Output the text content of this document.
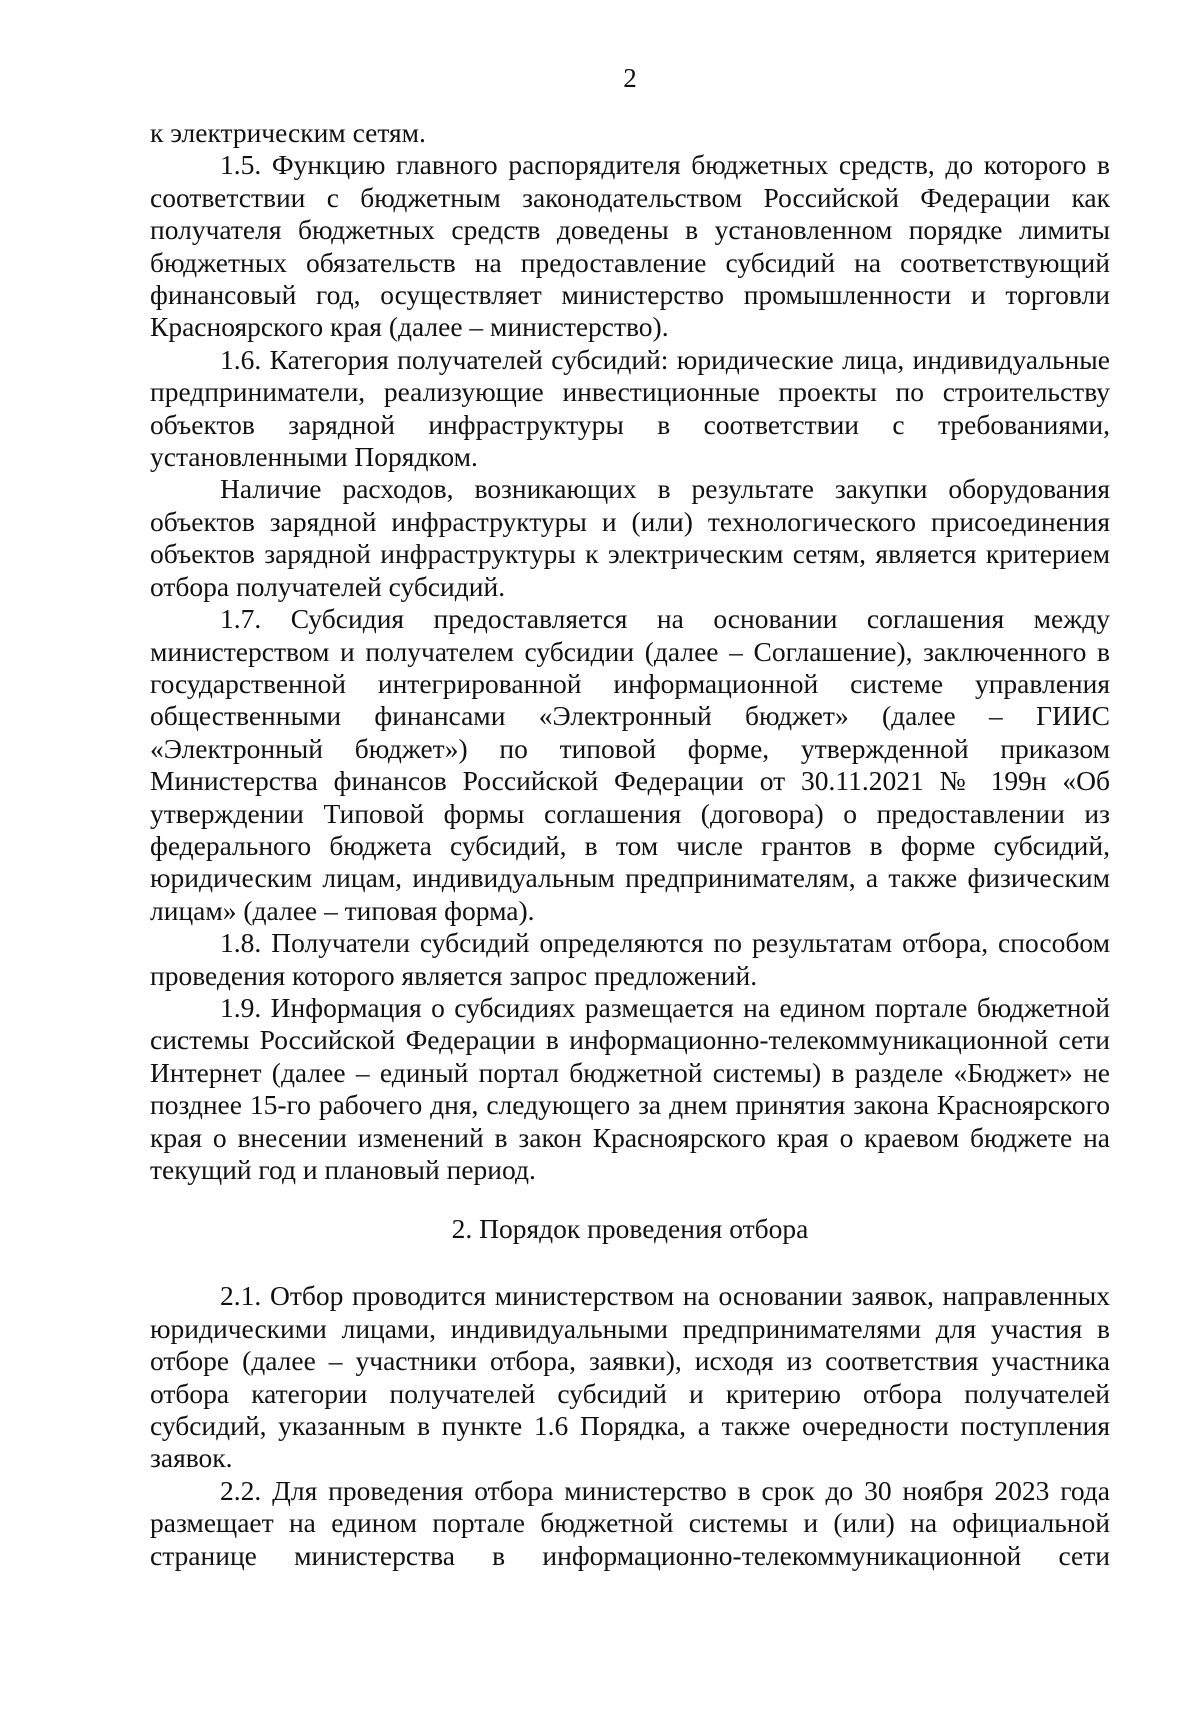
2

к электрическим сетям.

1.5. Функцию главного распорядителя бюджетных средств, до которого в соответствии с бюджетным законодательством Российской Федерации как получателя бюджетных средств доведены в установленном порядке лимиты бюджетных обязательств на предоставление субсидий на соответствующий финансовый год, осуществляет министерство промышленности и торговли Красноярского края (далее – министерство).

1.6. Категория получателей субсидий: юридические лица, индивидуальные предприниматели, реализующие инвестиционные проекты по строительству объектов зарядной инфраструктуры в соответствии с требованиями, установленными Порядком.

Наличие расходов, возникающих в результате закупки оборудования объектов зарядной инфраструктуры и (или) технологического присоединения объектов зарядной инфраструктуры к электрическим сетям, является критерием отбора получателей субсидий.

1.7. Субсидия предоставляется на основании соглашения между министерством и получателем субсидии (далее – Соглашение), заключенного в государственной интегрированной информационной системе управления общественными финансами «Электронный бюджет» (далее – ГИИС «Электронный бюджет») по типовой форме, утвержденной приказом Министерства финансов Российской Федерации от 30.11.2021 № 199н «Об утверждении Типовой формы соглашения (договора) о предоставлении из федерального бюджета субсидий, в том числе грантов в форме субсидий, юридическим лицам, индивидуальным предпринимателям, а также физическим лицам» (далее – типовая форма).

1.8. Получатели субсидий определяются по результатам отбора, способом проведения которого является запрос предложений.

1.9. Информация о субсидиях размещается на едином портале бюджетной системы Российской Федерации в информационно-телекоммуникационной сети Интернет (далее – единый портал бюджетной системы) в разделе «Бюджет» не позднее 15-го рабочего дня, следующего за днем принятия закона Красноярского края о внесении изменений в закон Красноярского края о краевом бюджете на текущий год и плановый период.

2. Порядок проведения отбора

2.1. Отбор проводится министерством на основании заявок, направленных юридическими лицами, индивидуальными предпринимателями для участия в отборе (далее – участники отбора, заявки), исходя из соответствия участника отбора категории получателей субсидий и критерию отбора получателей субсидий, указанным в пункте 1.6 Порядка, а также очередности поступления заявок.

2.2. Для проведения отбора министерство в срок до 30 ноября 2023 года размещает на едином портале бюджетной системы и (или) на официальной странице министерства в информационно-телекоммуникационной сети
